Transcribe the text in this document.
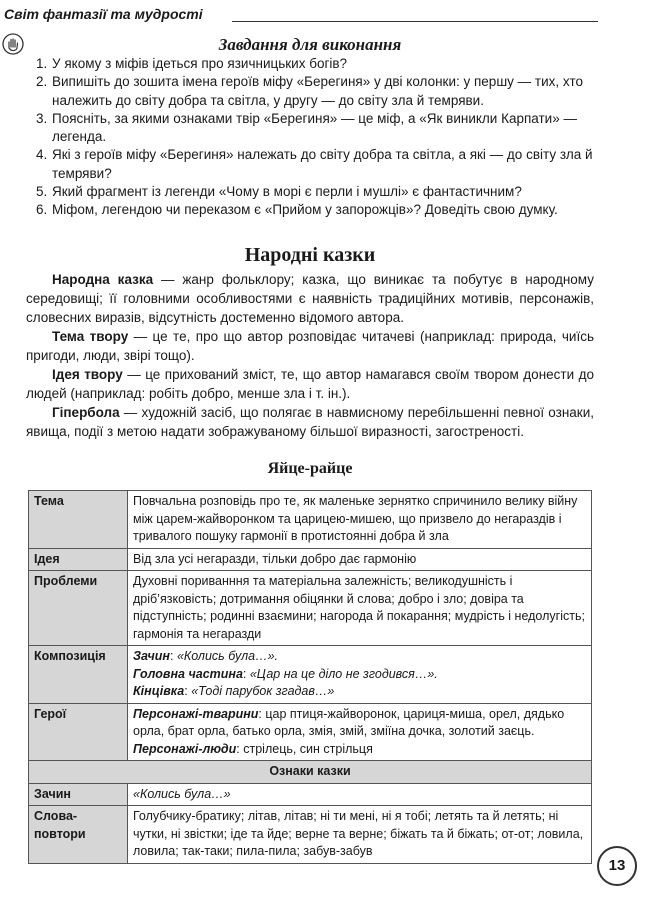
Світ фантазії та мудрості
Завдання для виконання
1. У якому з міфів ідеться про язичницьких богів?
2. Випишіть до зошита імена героїв міфу «Берегиня» у дві колонки: у першу — тих, хто належить до світу добра та світла, у другу — до світу зла й темряви.
3. Поясніть, за якими ознаками твір «Берегиня» — це міф, а «Як виникли Карпати» — легенда.
4. Які з героїв міфу «Берегиня» належать до світу добра та світла, а які — до світу зла й темряви?
5. Який фрагмент із легенди «Чому в морі є перли і мушлі» є фантастичним?
6. Міфом, легендою чи переказом є «Прийом у запорожців»? Доведіть свою думку.
Народні казки

Народна казка — жанр фольклору; казка, що виникає та побутує в народному середовищі; її головними особливостями є наявність традиційних мотивів, персонажів, словесних виразів, відсутність достеменно відомого автора.

Тема твору — це те, про що автор розповідає читачеві (наприклад: природа, чиїсь пригоди, люди, звірі тощо).

Ідея твору — це прихований зміст, те, що автор намагався своїм твором донести до людей (наприклад: робіть добро, менше зла і т. ін.).

Гіпербола — художній засіб, що полягає в навмисному перебільшенні певної ознаки, явища, події з метою надати зображуваному більшої виразності, загостреності.

Яйце-райце
Тема	Повчальна розповідь про те, як маленьке зернятко спричинило велику війну між царем-жайворонком та царицею-мишею, що призвело до негараздів і тривалого пошуку гармонії в протистоянні добра й зла
Ідея	Від зла усі негаразди, тільки добро дає гармонію
Проблеми	Духовні пориванння та матеріальна залежність; великодушність і дріб’язковість; дотримання обіцянки й слова; добро і зло; довіра та підступність; родинні взаємини; нагорода й покарання; мудрість і недолугість; гармонія та негаразди
Композиція	Зачин: «Колись була…».
Головна частина: «Цар на це діло не згодився…».
Кінцівка: «Тоді парубок згадав…»

Герої	Персонажі-тварини: цар птиця-жайворонок, цариця-миша, орел, дядько орла, брат орла, батько орла, змія, змій, зміїна дочка, золотий заєць.
Персонажі-люди: стрілець, син стрільця

Ознаки казки	
Зачин	«Колись була…»
Слова-повтори	Голубчику-братику; літав, літав; ні ти мені, ні я тобі; летять та й летять; ні чутки, ні звістки; іде та йде; верне та верне; біжать та й біжать; от-от; ловила, ловила; так-таки; пила-пила; забув-забув
13
